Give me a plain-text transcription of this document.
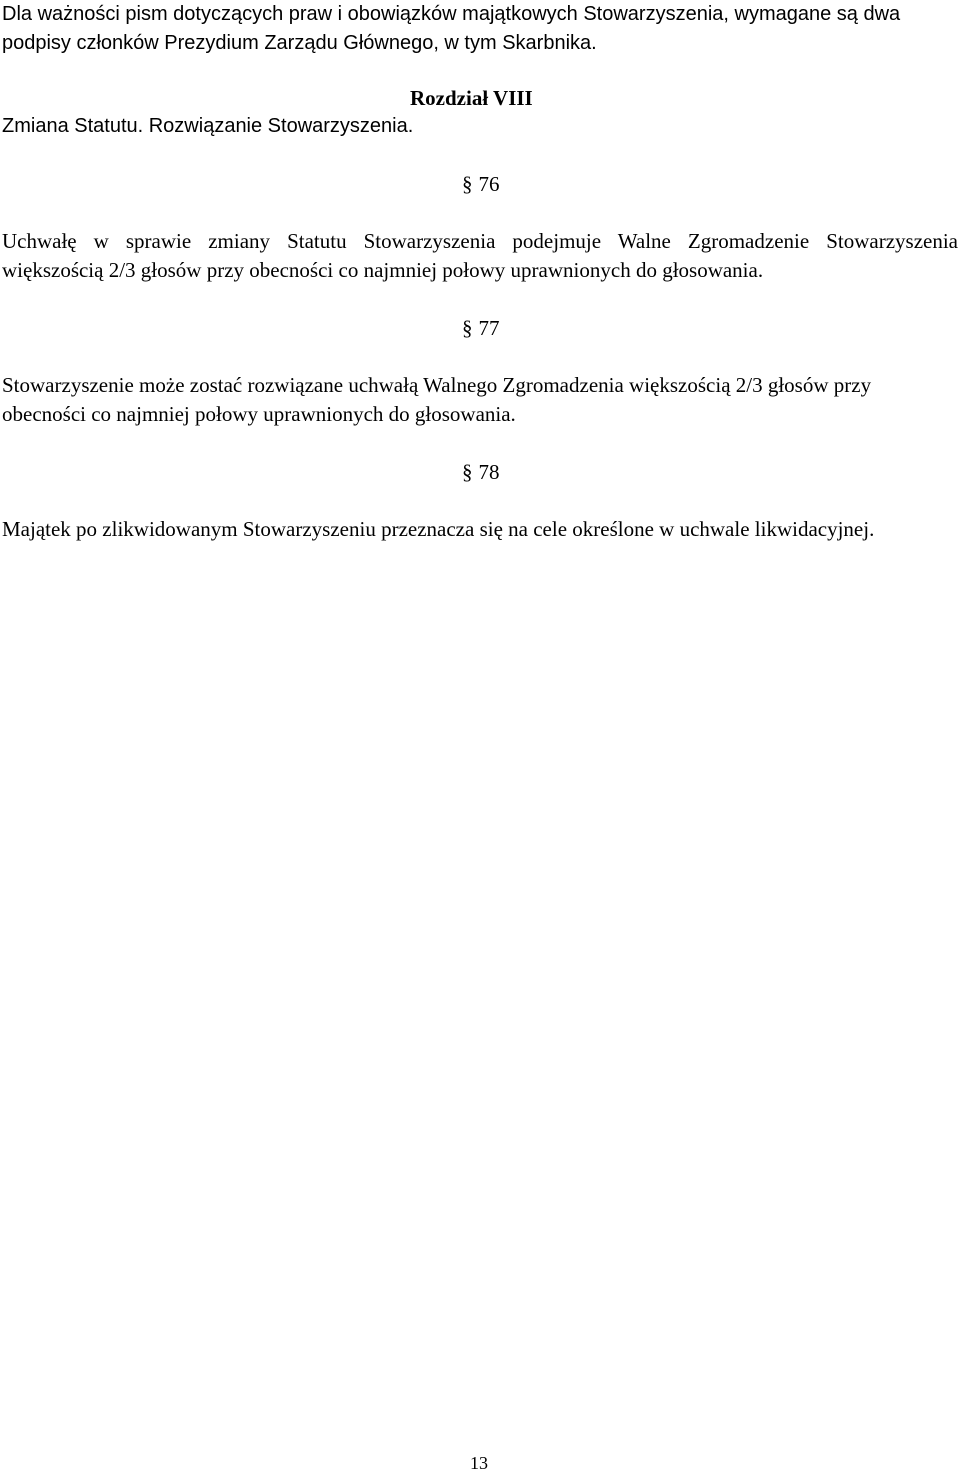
Dla ważności pism dotyczących praw i obowiązków majątkowych Stowarzyszenia, wymagane są dwa podpisy członków Prezydium Zarządu Głównego, w tym Skarbnika.

Rozdział VIII
Zmiana Statutu. Rozwiązanie Stowarzyszenia.
§ 76

Uchwałę w sprawie zmiany Statutu Stowarzyszenia podejmuje Walne Zgromadzenie Stowarzyszenia większością 2/3 głosów przy obecności co najmniej połowy uprawnionych do głosowania.

§ 77

Stowarzyszenie może zostać rozwiązane uchwałą Walnego Zgromadzenia większością 2/3 głosów przy obecności co najmniej połowy uprawnionych do głosowania.

§ 78

Majątek po zlikwidowanym Stowarzyszeniu przeznacza się na cele określone w uchwale likwidacyjnej.

13
